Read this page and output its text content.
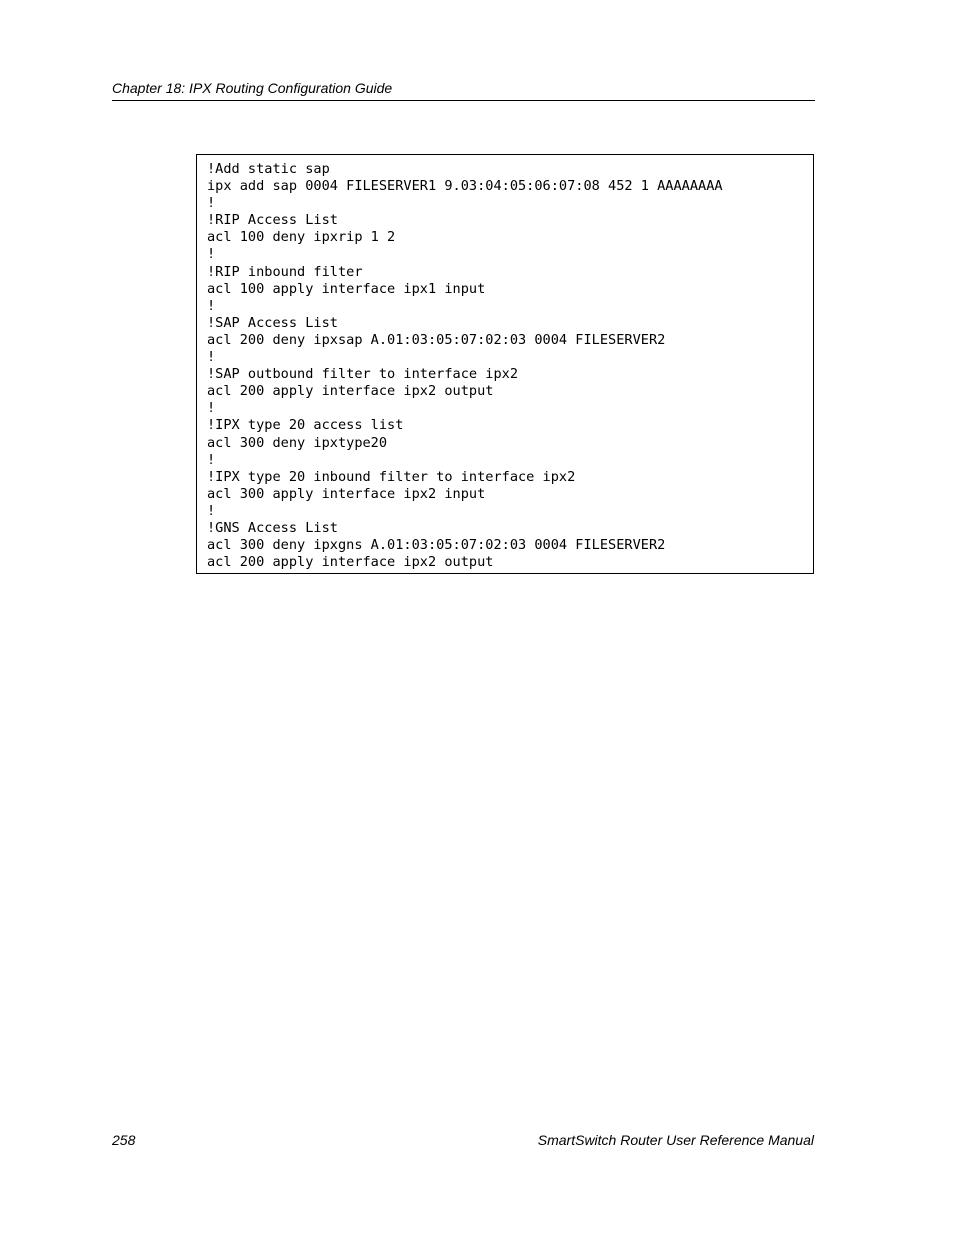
Chapter 18: IPX Routing Configuration Guide
!Add static sap
ipx add sap 0004 FILESERVER1 9.03:04:05:06:07:08 452 1 AAAAAAAA
!
!RIP Access List
acl 100 deny ipxrip 1 2
!
!RIP inbound filter
acl 100 apply interface ipx1 input
!
!SAP Access List
acl 200 deny ipxsap A.01:03:05:07:02:03 0004 FILESERVER2
!
!SAP outbound filter to interface ipx2
acl 200 apply interface ipx2 output
!
!IPX type 20 access list
acl 300 deny ipxtype20
!
!IPX type 20 inbound filter to interface ipx2
acl 300 apply interface ipx2 input
!
!GNS Access List
acl 300 deny ipxgns A.01:03:05:07:02:03 0004 FILESERVER2
acl 200 apply interface ipx2 output
258	SmartSwitch Router User Reference Manual
